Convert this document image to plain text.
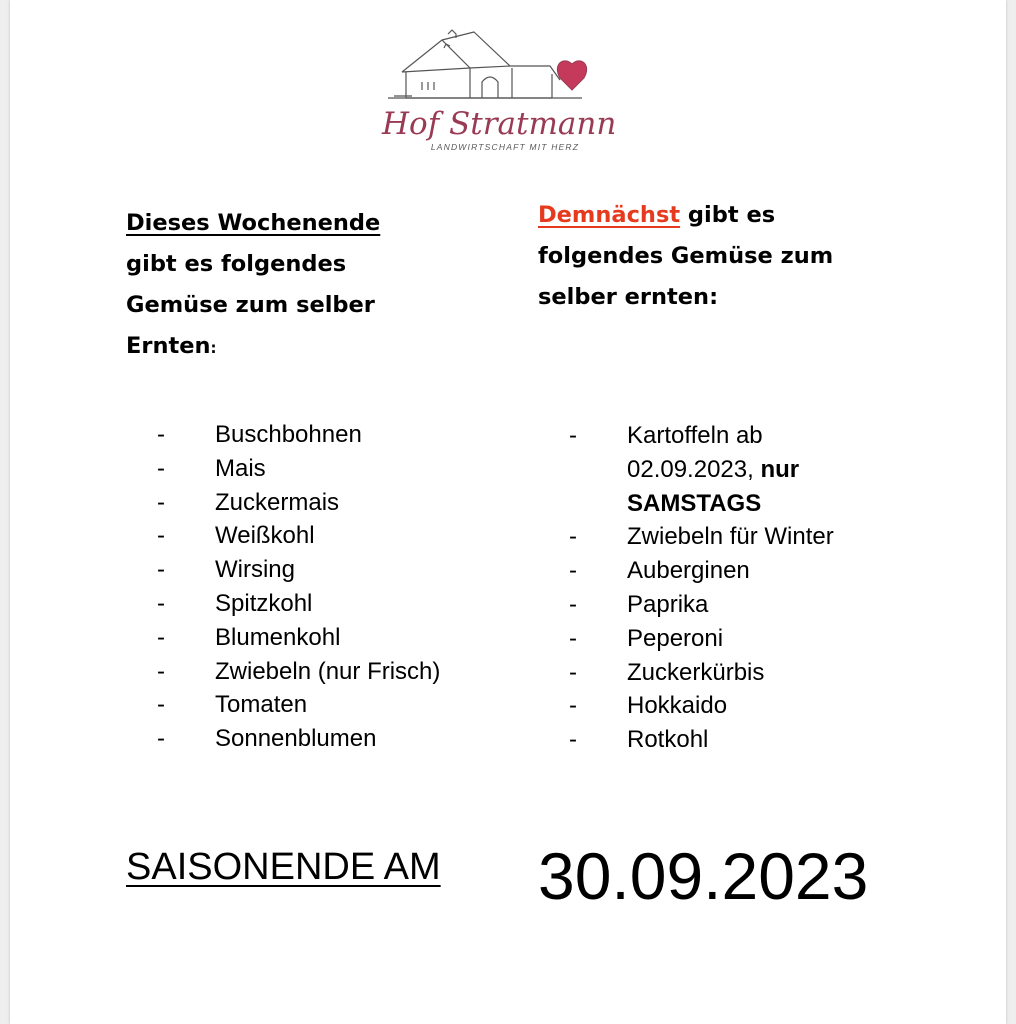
Hof Stratmann
LANDWIRTSCHAFT MIT HERZ
Dieses Wochenende
gibt es folgendes
Gemüse zum selber
Ernten:
Demnächst gibt es
folgendes Gemüse zum
selber ernten:
- Buschbohnen
- Mais
- Zuckermais
- Weißkohl
- Wirsing
- Spitzkohl
- Blumenkohl
- Zwiebeln (nur Frisch)
- Tomaten
- Sonnenblumen
- Kartoffeln ab
02.09.2023, nur
SAMSTAGS
- Zwiebeln für Winter
- Auberginen
- Paprika
- Peperoni
- Zuckerkürbis
- Hokkaido
- Rotkohl
SAISONENDE AM 30.09.2023
